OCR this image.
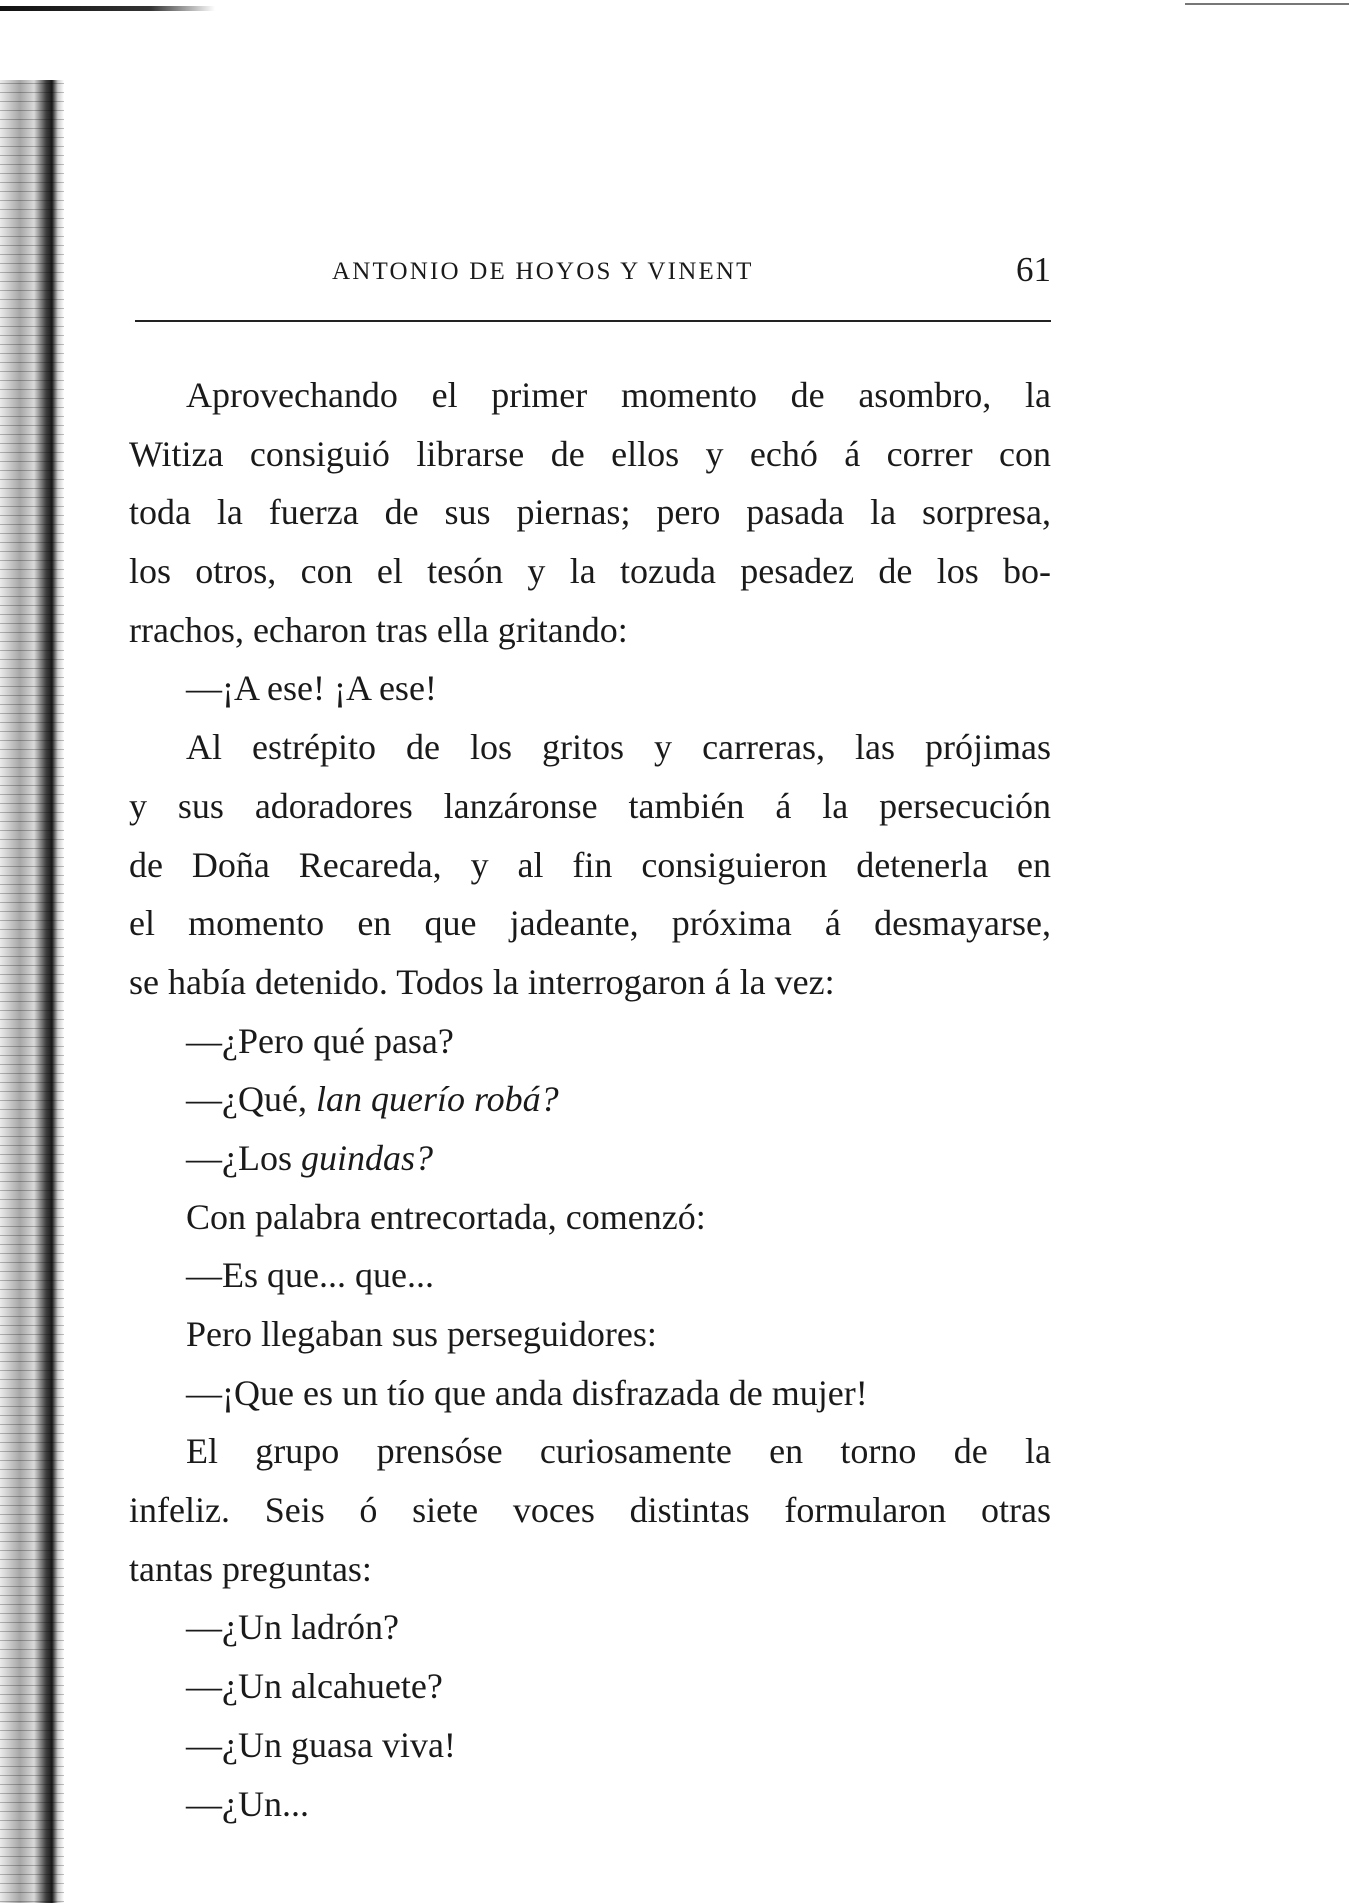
ANTONIO DE HOYOS Y VINENT	61
Aprovechando el primer momento de asombro, la
Witiza consiguió librarse de ellos y echó á correr con
toda la fuerza de sus piernas; pero pasada la sorpresa,
los otros, con el tesón y la tozuda pesadez de los bo-
rrachos, echaron tras ella gritando:
—¡A ese! ¡A ese!
Al estrépito de los gritos y carreras, las prójimas
y sus adoradores lanzáronse también á la persecución
de Doña Recareda, y al fin consiguieron detenerla en
el momento en que jadeante, próxima á desmayarse,
se había detenido. Todos la interrogaron á la vez:
—¿Pero qué pasa?
—¿Qué, lan querío robá?
—¿Los guindas?
Con palabra entrecortada, comenzó:
—Es que... que...
Pero llegaban sus perseguidores:
—¡Que es un tío que anda disfrazada de mujer!
El grupo prensóse curiosamente en torno de la
infeliz. Seis ó siete voces distintas formularon otras
tantas preguntas:
—¿Un ladrón?
—¿Un alcahuete?
—¿Un guasa viva!
—¿Un...
